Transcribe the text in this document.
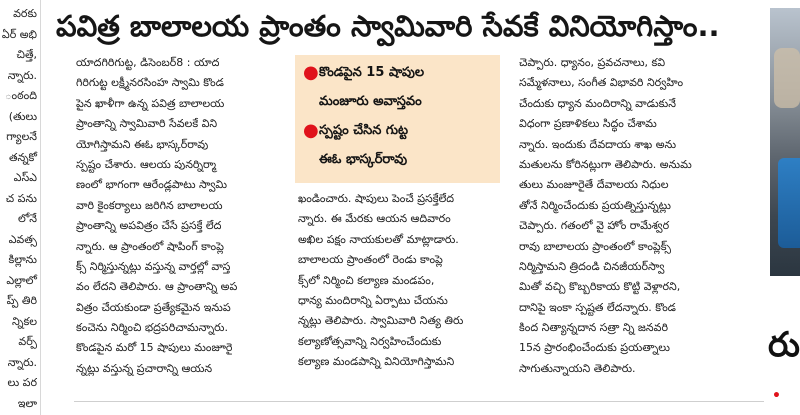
వరకు
ఏర్ అభి
చిత్తే,
న్నారు.
ంఠంది
(తులు
గ్యాలనే
తన్నకో
ఎస్ఎ
చ పను
లోనే
ఎవత్స
కిల్లాను
ఎల్లాలో
ప్ప్ తిరి
న్నికల
వర్ప్
న్నారు.
లు పర
ఇలా
పవిత్ర బాలాలయ ప్రాంతం స్వామివారి సేవకే వినియోగిస్తాం..
యాదగిరిగుట్ట, డిసెంబర్8 : యాద
గిరిగుట్ట లక్ష్మీనరసింహ స్వామి కొండ
పైన ఖాళీగా ఉన్న పవిత్ర బాలాలయ
ప్రాంతాన్ని స్వామివారి సేవలకే విని
యోగిస్తామని ఈఓ భాస్కర్‌రావు
స్పష్టం చేశారు. ఆలయ పునర్నిర్మా
ణంలో భాగంగా ఆరేండ్లపాటు స్వామి
వారి కైంకర్యాలు జరిగిన బాలాలయ
ప్రాంతాన్ని అపవిత్రం చేసే ప్రసక్తే లేద
న్నారు. ఆ ప్రాంతంలో షాపింగ్ కాంప్లె
క్స్ నిర్మిస్తున్నట్లు వస్తున్న వార్తల్లో వాస్త
వం లేదని తెలిపారు. ఆ ప్రాంతాన్ని అప
విత్రం చేయకుండా ప్రత్యేకమైన ఇనుప
కంచెను నిర్మించి భద్రపరిచామన్నారు.
కొండపైన మరో 15 షాపులు మంజూరై
న్నట్లు వస్తున్న ప్రచారాన్ని ఆయన
● కొండపైన 15 షాపుల
మంజూరు అవాస్తవం
● స్పష్టం చేసిన గుట్ట
ఈఓ భాస్కర్‌రావు
ఖండించారు. షాపులు పెంచే ప్రసక్తేలేద
న్నారు. ఈ మేరకు ఆయన ఆదివారం
అఖిల పక్షం నాయకులతో మాట్లాడారు.
బాలాలయ ప్రాంతంలో రెండు కాంప్లె
క్స్‌లో నిర్మించి కల్యాణ మండపం,
ధాన్య మందిరాన్ని ఏర్పాటు చేయను
న్నట్లు తెలిపారు. స్వామివారి నిత్య తిరు
కల్యాణోత్సవాన్ని నిర్వహించేందుకు
కల్యాణ మండపాన్ని వినియోగిస్తామని
చెప్పారు. ధ్యానం, ప్రవచనాలు, కవి
సమ్మేళనాలు, సంగీత విభావరి నిర్వహిం
చేందుకు ధ్యాన మందిరాన్ని వాడుకునే
విధంగా ప్రణాళికలు సిద్ధం చేశామ
న్నారు. ఇందుకు దేవదాయ శాఖ అను
మతులను కోరినట్లుగా తెలిపారు. అనుమ
తులు మంజూరైతే దేవాలయ నిధుల
తోనే నిర్మించేందుకు ప్రయత్నిస్తున్నట్లు
చెప్పారు. గతంలో వై హోం రామేశ్వర
రావు బాలాలయ ప్రాంతంలో కాంప్లెక్స్
నిర్మిస్తామని త్రిదండి చినజీయర్‌స్వా
మితో వచ్చి కొబ్బరికాయ కొట్టి వెళ్లారని,
దానిపై ఇంకా స్పష్టత లేదన్నారు. కొండ
కింద నిత్యాన్నదాన సత్రా న్ని జనవరి
15న ప్రారంభించేందుకు ప్రయత్నాలు
సాగుతున్నాయని తెలిపారు.
రు
•
